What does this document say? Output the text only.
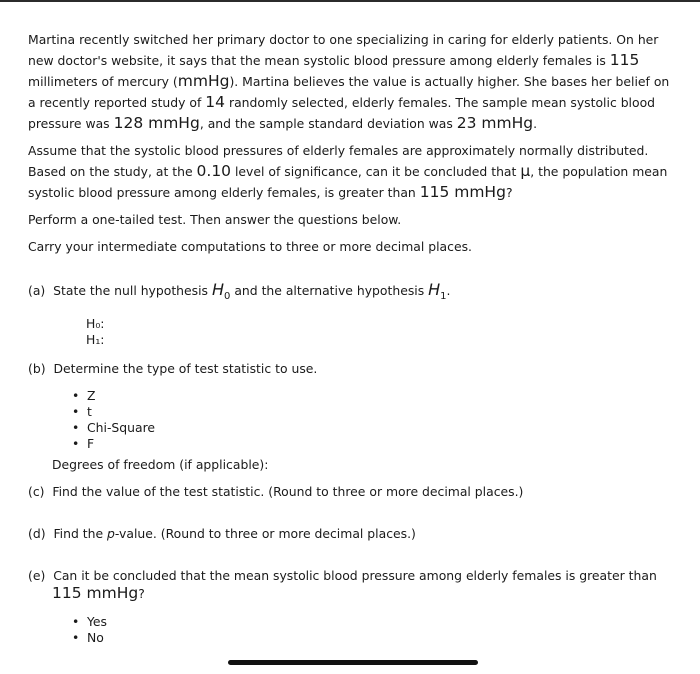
Martina recently switched her primary doctor to one specializing in caring for elderly patients. On her new doctor's website, it says that the mean systolic blood pressure among elderly females is 115 millimeters of mercury (mmHg). Martina believes the value is actually higher. She bases her belief on a recently reported study of 14 randomly selected, elderly females. The sample mean systolic blood pressure was 128 mmHg, and the sample standard deviation was 23 mmHg.

Assume that the systolic blood pressures of elderly females are approximately normally distributed. Based on the study, at the 0.10 level of significance, can it be concluded that μ, the population mean systolic blood pressure among elderly females, is greater than 115 mmHg?

Perform a one-tailed test. Then answer the questions below.

Carry your intermediate computations to three or more decimal places.

(a) State the null hypothesis $H_0$ and the alternative hypothesis $H_1$.
H₀:
H₁:
(b) Determine the type of test statistic to use.
• Z
• t
• Chi-Square
• F
Degrees of freedom (if applicable):
(c) Find the value of the test statistic. (Round to three or more decimal places.)
(d) Find the p-value. (Round to three or more decimal places.)
(e) Can it be concluded that the mean systolic blood pressure among elderly females is greater than
115 mmHg?
• Yes
• No
